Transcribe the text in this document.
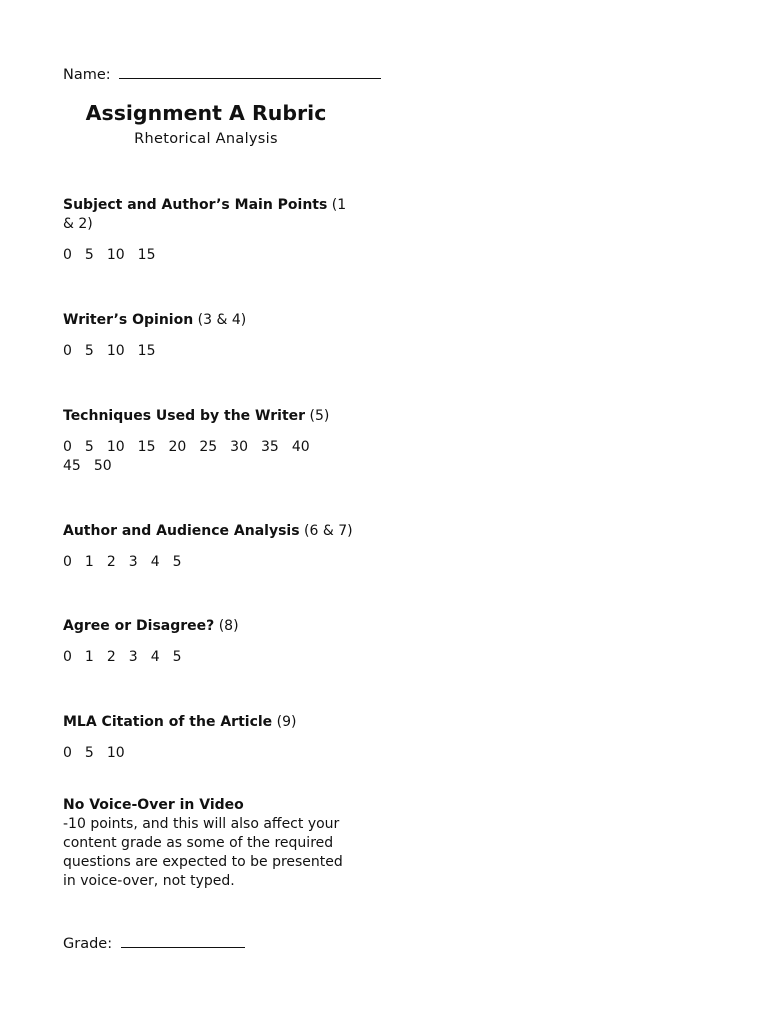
Name:
Assignment A Rubric
Rhetorical Analysis
Subject and Author’s Main Points (1 & 2)
0 5 10 15
Writer’s Opinion (3 & 4)
0 5 10 15
Techniques Used by the Writer (5)
0 5 10 15 20 25 30 35 4045 50
Author and Audience Analysis (6 & 7)
0 1 2 3 4 5
Agree or Disagree? (8)
0 1 2 3 4 5
MLA Citation of the Article (9)
0 5 10
No Voice-Over in Video
-10 points, and this will also affect your content grade as some of the required questions are expected to be presented in voice-over, not typed.
Grade:
